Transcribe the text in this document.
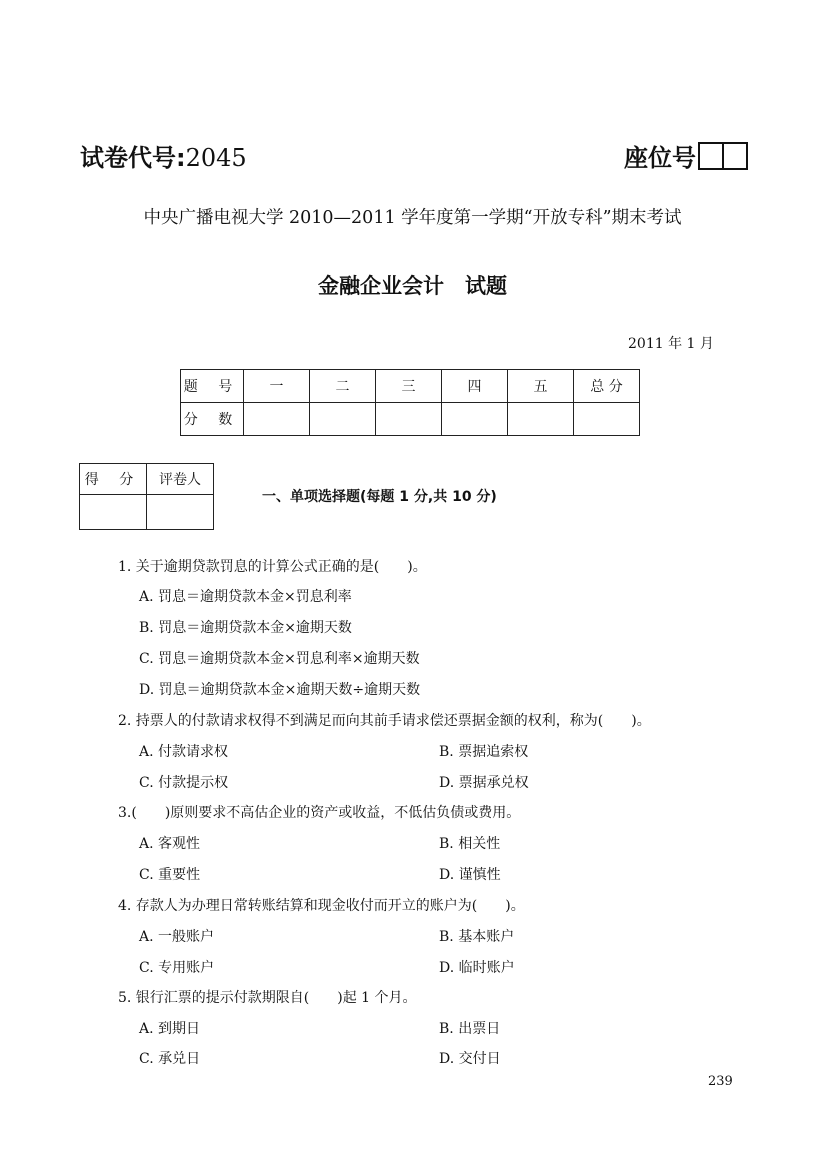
试卷代号:2045	座位号
中央广播电视大学 2010—2011 学年度第一学期“开放专科”期末考试
金融企业会计　试题
2011 年 1 月
题 号	一	二	三	四	五	总 分
分 数						
得 分	评卷人

一、单项选择题(每题 1 分,共 10 分)
1. 关于逾期贷款罚息的计算公式正确的是(　　)。
A. 罚息＝逾期贷款本金×罚息利率
B. 罚息＝逾期贷款本金×逾期天数
C. 罚息＝逾期贷款本金×罚息利率×逾期天数
D. 罚息＝逾期贷款本金×逾期天数÷逾期天数
2. 持票人的付款请求权得不到满足而向其前手请求偿还票据金额的权利，称为(　　)。
A. 付款请求权	B. 票据追索权
C. 付款提示权	D. 票据承兑权
3.(　　)原则要求不高估企业的资产或收益，不低估负债或费用。
A. 客观性	B. 相关性
C. 重要性	D. 谨慎性
4. 存款人为办理日常转账结算和现金收付而开立的账户为(　　)。
A. 一般账户	B. 基本账户
C. 专用账户	D. 临时账户
5. 银行汇票的提示付款期限自(　　)起 1 个月。
A. 到期日	B. 出票日
C. 承兑日	D. 交付日
239
